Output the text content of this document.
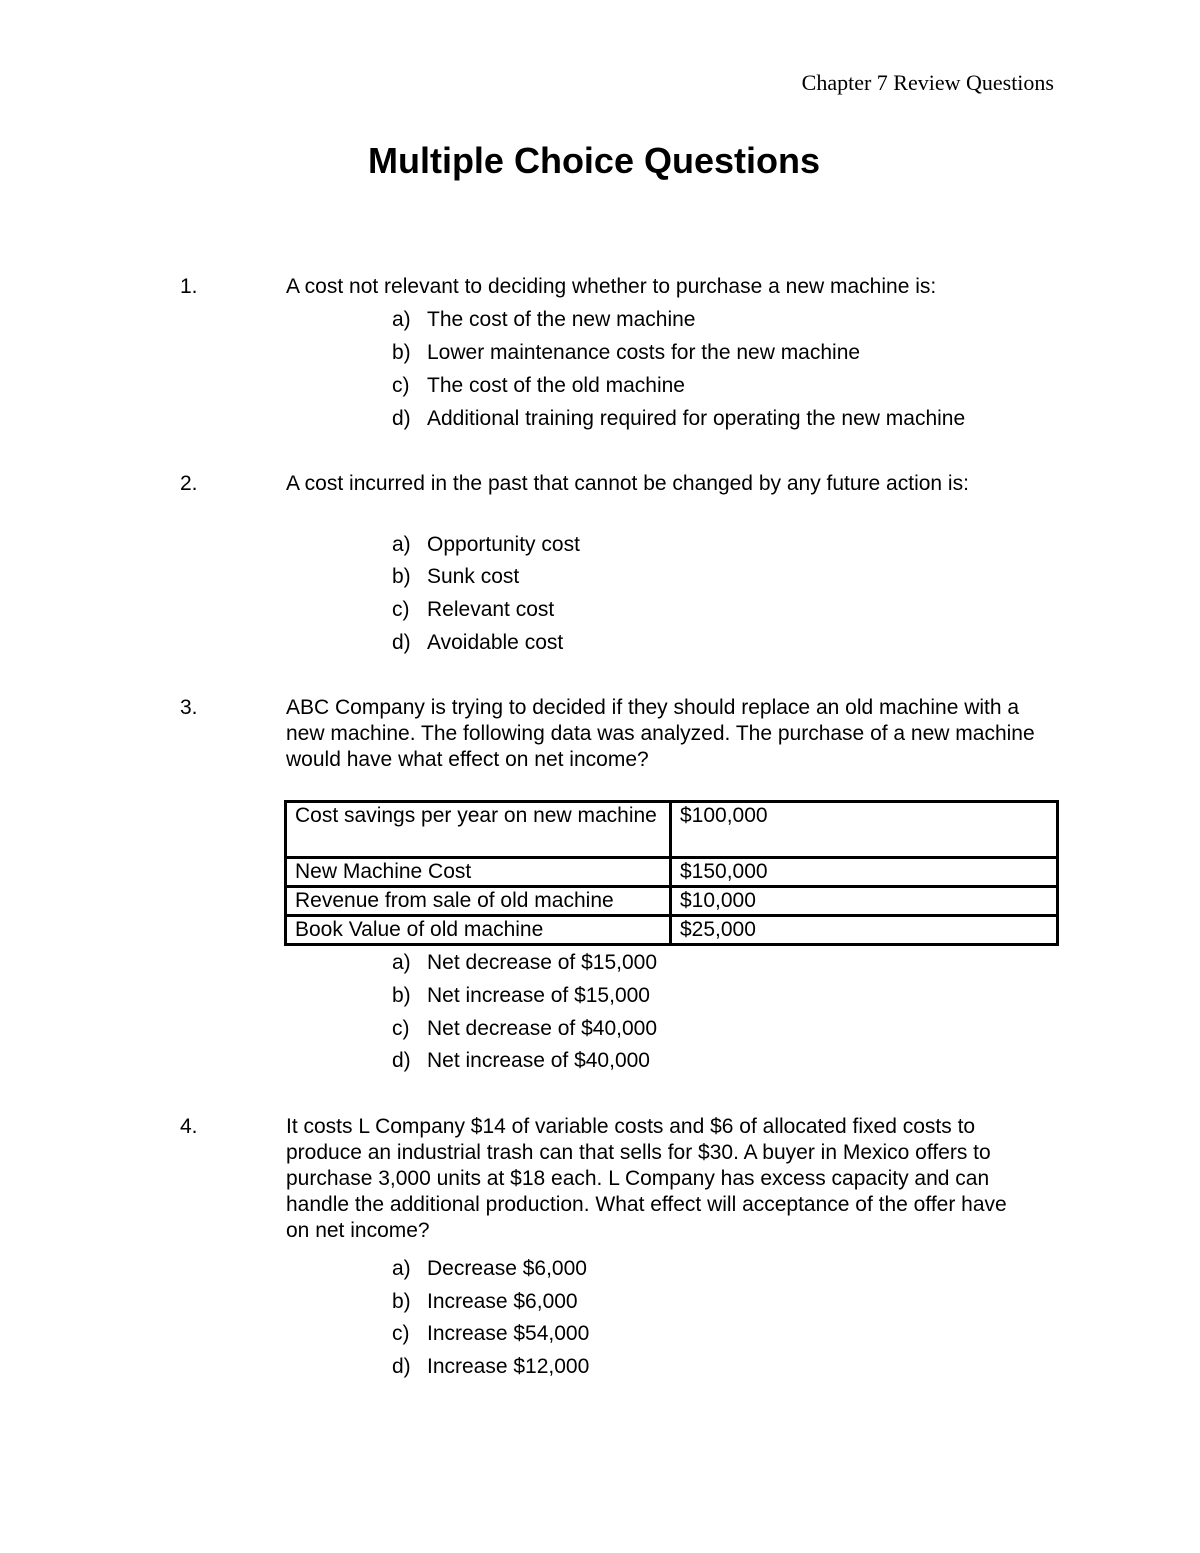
Chapter 7 Review Questions
Multiple Choice Questions
1.	A cost not relevant to deciding whether to purchase a new machine is:
a) The cost of the new machine
b) Lower maintenance costs for the new machine
c) The cost of the old machine
d) Additional training required for operating the new machine
2.	A cost incurred in the past that cannot be changed by any future action is:
a) Opportunity cost
b) Sunk cost
c) Relevant cost
d) Avoidable cost
3.	ABC Company is trying to decided if they should replace an old machine with a new machine. The following data was analyzed. The purchase of a new machine would have what effect on net income?
Cost savings per year on new machine	$100,000
New Machine Cost	$150,000
Revenue from sale of old machine	$10,000
Book Value of old machine	$25,000
a) Net decrease of $15,000
b) Net increase of $15,000
c) Net decrease of $40,000
d) Net increase of $40,000
4.	It costs L Company $14 of variable costs and $6 of allocated fixed costs to produce an industrial trash can that sells for $30. A buyer in Mexico offers to purchase 3,000 units at $18 each. L Company has excess capacity and can handle the additional production. What effect will acceptance of the offer have on net income?
a) Decrease $6,000
b) Increase $6,000
c) Increase $54,000
d) Increase $12,000
